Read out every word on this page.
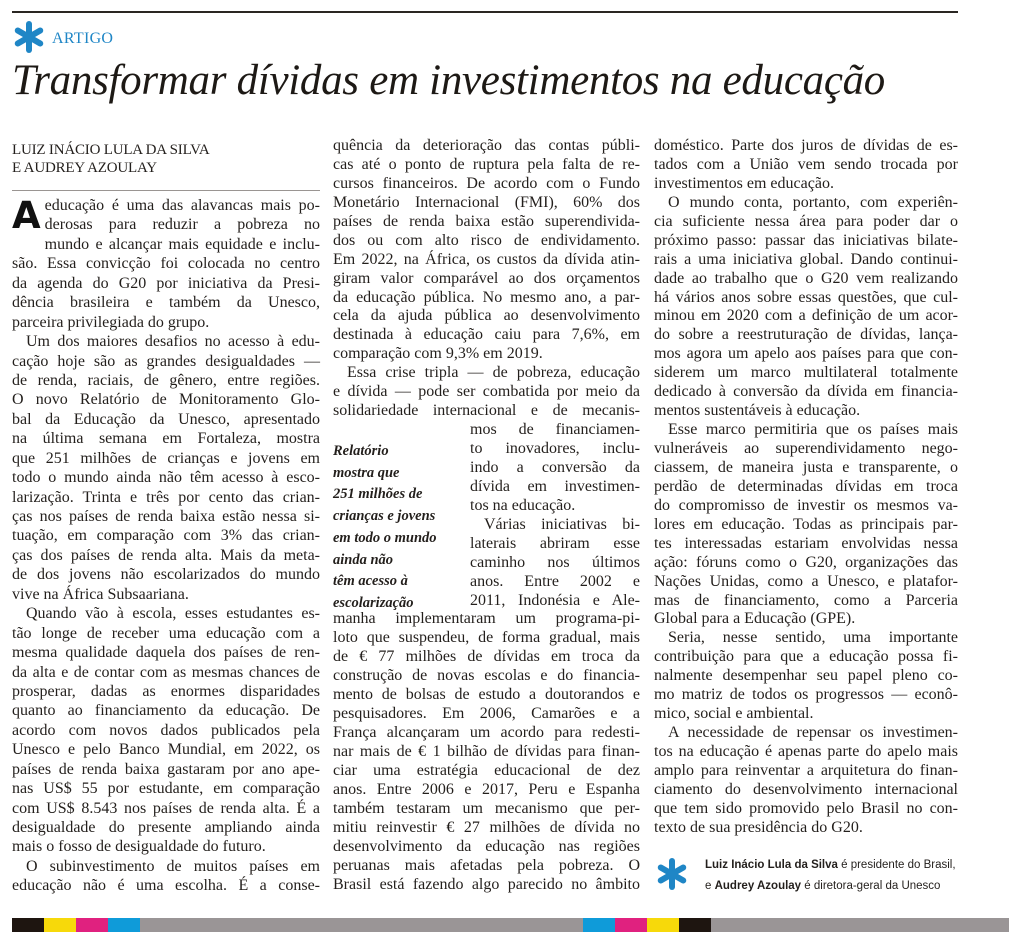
ARTIGO
Transformar dívidas em investimentos na educação
LUIZ INÁCIO LULA DA SILVA
E AUDREY AZOULAY
A educação é uma das alavancas mais po-
derosas para reduzir a pobreza no
mundo e alcançar mais equidade e inclu-
são. Essa convicção foi colocada no centro
da agenda do G20 por iniciativa da Presi-
dência brasileira e também da Unesco,
parceira privilegiada do grupo.
Um dos maiores desafios no acesso à edu-
cação hoje são as grandes desigualdades —
de renda, raciais, de gênero, entre regiões.
O novo Relatório de Monitoramento Glo-
bal da Educação da Unesco, apresentado
na última semana em Fortaleza, mostra
que 251 milhões de crianças e jovens em
todo o mundo ainda não têm acesso à esco-
larização. Trinta e três por cento das crian-
ças nos países de renda baixa estão nessa si-
tuação, em comparação com 3% das crian-
ças dos países de renda alta. Mais da meta-
de dos jovens não escolarizados do mundo
vive na África Subsaariana.
Quando vão à escola, esses estudantes es-
tão longe de receber uma educação com a
mesma qualidade daquela dos países de ren-
da alta e de contar com as mesmas chances de
prosperar, dadas as enormes disparidades
quanto ao financiamento da educação. De
acordo com novos dados publicados pela
Unesco e pelo Banco Mundial, em 2022, os
países de renda baixa gastaram por ano ape-
nas US$ 55 por estudante, em comparação
com US$ 8.543 nos países de renda alta. É a
desigualdade do presente ampliando ainda
mais o fosso de desigualdade do futuro.
O subinvestimento de muitos países em
educação não é uma escolha. É a conse-
quência da deterioração das contas públi-
cas até o ponto de ruptura pela falta de re-
cursos financeiros. De acordo com o Fundo
Monetário Internacional (FMI), 60% dos
países de renda baixa estão superendivida-
dos ou com alto risco de endividamento.
Em 2022, na África, os custos da dívida atin-
giram valor comparável ao dos orçamentos
da educação pública. No mesmo ano, a par-
cela da ajuda pública ao desenvolvimento
destinada à educação caiu para 7,6%, em
comparação com 9,3% em 2019.
Essa crise tripla — de pobreza, educação
e dívida — pode ser combatida por meio da
solidariedade internacional e de mecanis-
mos de financiamen-
to inovadores, inclu-
indo a conversão da
dívida em investimen-
tos na educação.
Várias iniciativas bi-
laterais abriram esse
caminho nos últimos
anos. Entre 2002 e
2011, Indonésia e Ale-
manha implementaram um programa-pi-
loto que suspendeu, de forma gradual, mais
de € 77 milhões de dívidas em troca da
construção de novas escolas e do financia-
mento de bolsas de estudo a doutorandos e
pesquisadores. Em 2006, Camarões e a
França alcançaram um acordo para redesti-
nar mais de € 1 bilhão de dívidas para finan-
ciar uma estratégia educacional de dez
anos. Entre 2006 e 2017, Peru e Espanha
também testaram um mecanismo que per-
mitiu reinvestir € 27 milhões de dívida no
desenvolvimento da educação nas regiões
peruanas mais afetadas pela pobreza. O
Brasil está fazendo algo parecido no âmbito
doméstico. Parte dos juros de dívidas de es-
tados com a União vem sendo trocada por
investimentos em educação.
O mundo conta, portanto, com experiên-
cia suficiente nessa área para poder dar o
próximo passo: passar das iniciativas bilate-
rais a uma iniciativa global. Dando continui-
dade ao trabalho que o G20 vem realizando
há vários anos sobre essas questões, que cul-
minou em 2020 com a definição de um acor-
do sobre a reestruturação de dívidas, lança-
mos agora um apelo aos países para que con-
siderem um marco multilateral totalmente
dedicado à conversão da dívida em financia-
mentos sustentáveis à educação.
Esse marco permitiria que os países mais
vulneráveis ao superendividamento nego-
ciassem, de maneira justa e transparente, o
perdão de determinadas dívidas em troca
do compromisso de investir os mesmos va-
lores em educação. Todas as principais par-
tes interessadas estariam envolvidas nessa
ação: fóruns como o G20, organizações das
Nações Unidas, como a Unesco, e platafor-
mas de financiamento, como a Parceria
Global para a Educação (GPE).
Seria, nesse sentido, uma importante
contribuição para que a educação possa fi-
nalmente desempenhar seu papel pleno co-
mo matriz de todos os progressos — econô-
mico, social e ambiental.
A necessidade de repensar os investimen-
tos na educação é apenas parte do apelo mais
amplo para reinventar a arquitetura do finan-
ciamento do desenvolvimento internacional
que tem sido promovido pelo Brasil no con-
texto de sua presidência do G20.
Relatório
mostra que
251 milhões de
crianças e jovens
em todo o mundo
ainda não
têm acesso à
escolarização
Luiz Inácio Lula da Silva é presidente do Brasil,
e Audrey Azoulay é diretora-geral da Unesco
